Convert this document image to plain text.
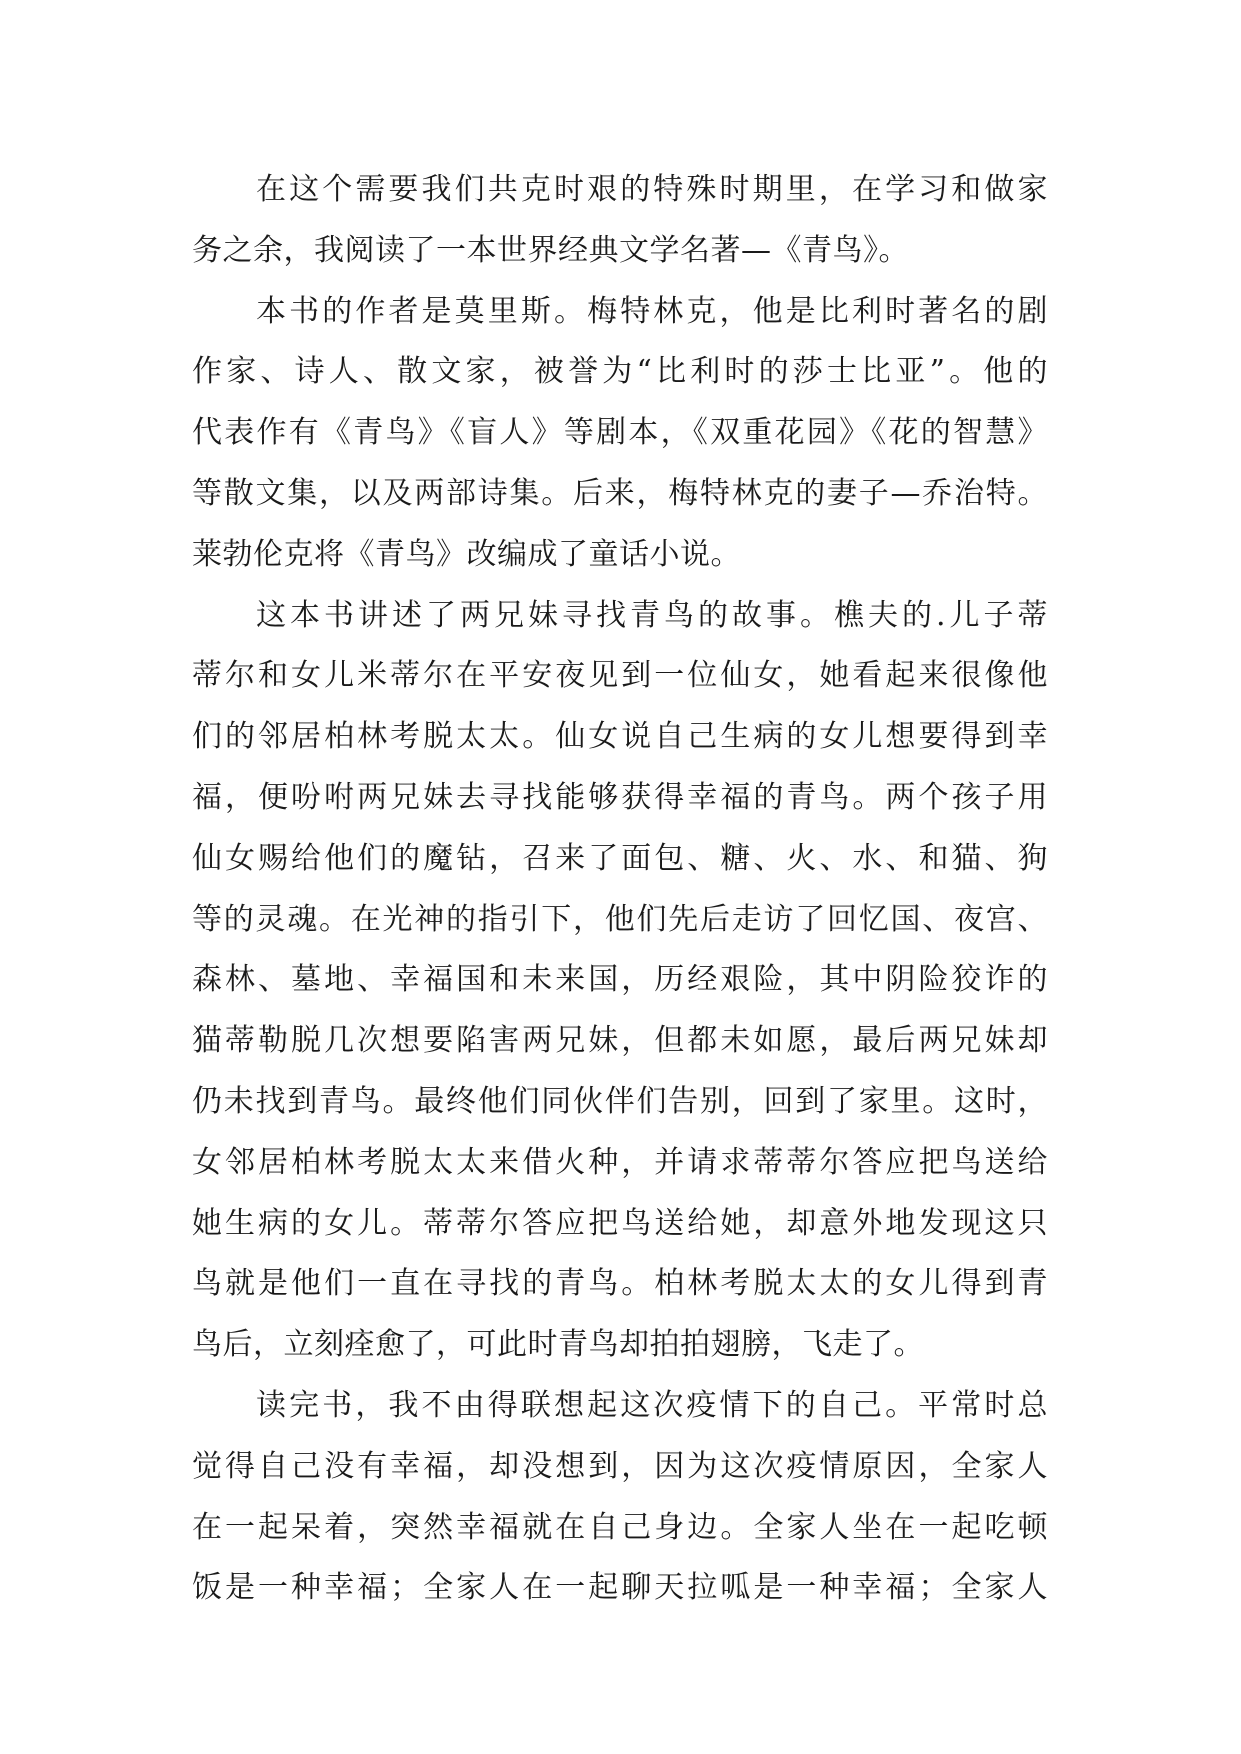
在这个需要我们共克时艰的特殊时期里，在学习和做家
务之余，我阅读了一本世界经典文学名著—《青鸟》。
本书的作者是莫里斯。梅特林克，他是比利时著名的剧
作家、诗人、散文家，被誉为“比利时的莎士比亚”。他的
代表作有《青鸟》《盲人》等剧本，《双重花园》《花的智慧》
等散文集，以及两部诗集。后来，梅特林克的妻子—乔治特。
莱勃伦克将《青鸟》改编成了童话小说。
这本书讲述了两兄妹寻找青鸟的故事。樵夫的.儿子蒂
蒂尔和女儿米蒂尔在平安夜见到一位仙女，她看起来很像他
们的邻居柏林考脱太太。仙女说自己生病的女儿想要得到幸
福，便吩咐两兄妹去寻找能够获得幸福的青鸟。两个孩子用
仙女赐给他们的魔钻，召来了面包、糖、火、水、和猫、狗
等的灵魂。在光神的指引下，他们先后走访了回忆国、夜宫、
森林、墓地、幸福国和未来国，历经艰险，其中阴险狡诈的
猫蒂勒脱几次想要陷害两兄妹，但都未如愿，最后两兄妹却
仍未找到青鸟。最终他们同伙伴们告别，回到了家里。这时，
女邻居柏林考脱太太来借火种，并请求蒂蒂尔答应把鸟送给
她生病的女儿。蒂蒂尔答应把鸟送给她，却意外地发现这只
鸟就是他们一直在寻找的青鸟。柏林考脱太太的女儿得到青
鸟后，立刻痊愈了，可此时青鸟却拍拍翅膀，飞走了。
读完书，我不由得联想起这次疫情下的自己。平常时总
觉得自己没有幸福，却没想到，因为这次疫情原因，全家人
在一起呆着，突然幸福就在自己身边。全家人坐在一起吃顿
饭是一种幸福；全家人在一起聊天拉呱是一种幸福；全家人
